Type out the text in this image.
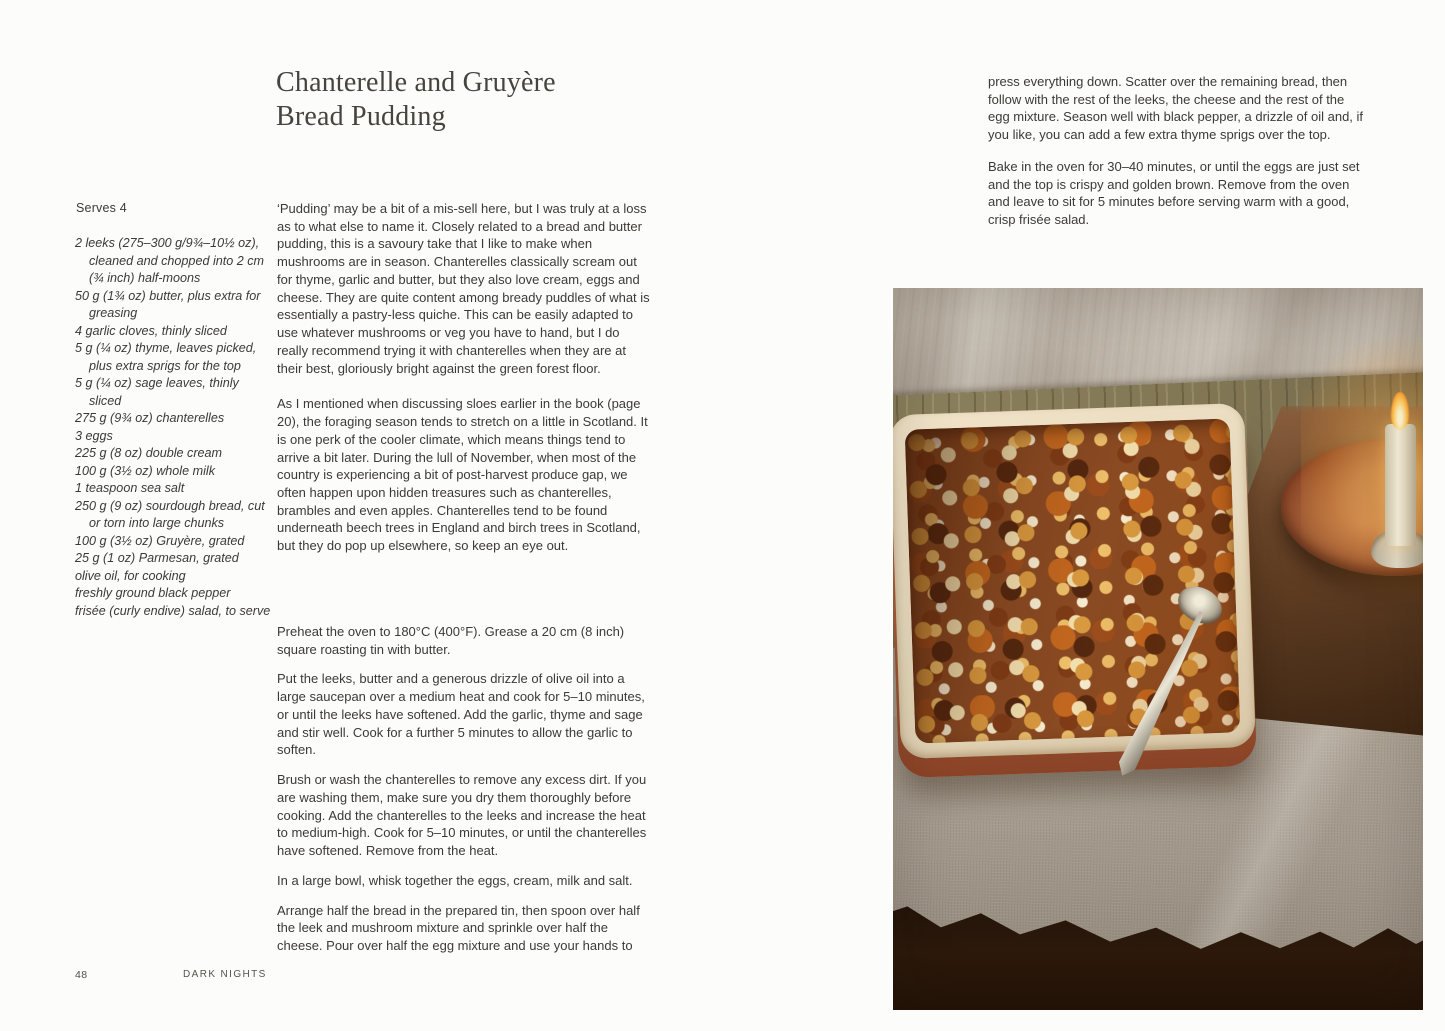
Chanterelle and Gruyère
Bread Pudding
Serves 4
2 leeks (275–300 g/9¾–10½ oz), cleaned and chopped into 2 cm (¾ inch) half-moons
50 g (1¾ oz) butter, plus extra for greasing
4 garlic cloves, thinly sliced
5 g (¼ oz) thyme, leaves picked, plus extra sprigs for the top
5 g (¼ oz) sage leaves, thinly sliced
275 g (9¾ oz) chanterelles
3 eggs
225 g (8 oz) double cream
100 g (3½ oz) whole milk
1 teaspoon sea salt
250 g (9 oz) sourdough bread, cut or torn into large chunks
100 g (3½ oz) Gruyère, grated
25 g (1 oz) Parmesan, grated
olive oil, for cooking
freshly ground black pepper
frisée (curly endive) salad, to serve
‘Pudding’ may be a bit of a mis-sell here, but I was truly at a loss as to what else to name it. Closely related to a bread and butter pudding, this is a savoury take that I like to make when mushrooms are in season. Chanterelles classically scream out for thyme, garlic and butter, but they also love cream, eggs and cheese. They are quite content among bready puddles of what is essentially a pastry-less quiche. This can be easily adapted to use whatever mushrooms or veg you have to hand, but I do really recommend trying it with chanterelles when they are at their best, gloriously bright against the green forest floor.
As I mentioned when discussing sloes earlier in the book (page 20), the foraging season tends to stretch on a little in Scotland. It is one perk of the cooler climate, which means things tend to arrive a bit later. During the lull of November, when most of the country is experiencing a bit of post-harvest produce gap, we often happen upon hidden treasures such as chanterelles, brambles and even apples. Chanterelles tend to be found underneath beech trees in England and birch trees in Scotland, but they do pop up elsewhere, so keep an eye out.
Preheat the oven to 180°C (400°F). Grease a 20 cm (8 inch) square roasting tin with butter.
Put the leeks, butter and a generous drizzle of olive oil into a large saucepan over a medium heat and cook for 5–10 minutes, or until the leeks have softened. Add the garlic, thyme and sage and stir well. Cook for a further 5 minutes to allow the garlic to soften.
Brush or wash the chanterelles to remove any excess dirt. If you are washing them, make sure you dry them thoroughly before cooking. Add the chanterelles to the leeks and increase the heat to medium-high. Cook for 5–10 minutes, or until the chanterelles have softened. Remove from the heat.
In a large bowl, whisk together the eggs, cream, milk and salt.
Arrange half the bread in the prepared tin, then spoon over half the leek and mushroom mixture and sprinkle over half the cheese. Pour over half the egg mixture and use your hands to
48	DARK NIGHTS
press everything down. Scatter over the remaining bread, then follow with the rest of the leeks, the cheese and the rest of the egg mixture. Season well with black pepper, a drizzle of oil and, if you like, you can add a few extra thyme sprigs over the top.
Bake in the oven for 30–40 minutes, or until the eggs are just set and the top is crispy and golden brown. Remove from the oven and leave to sit for 5 minutes before serving warm with a good, crisp frisée salad.
